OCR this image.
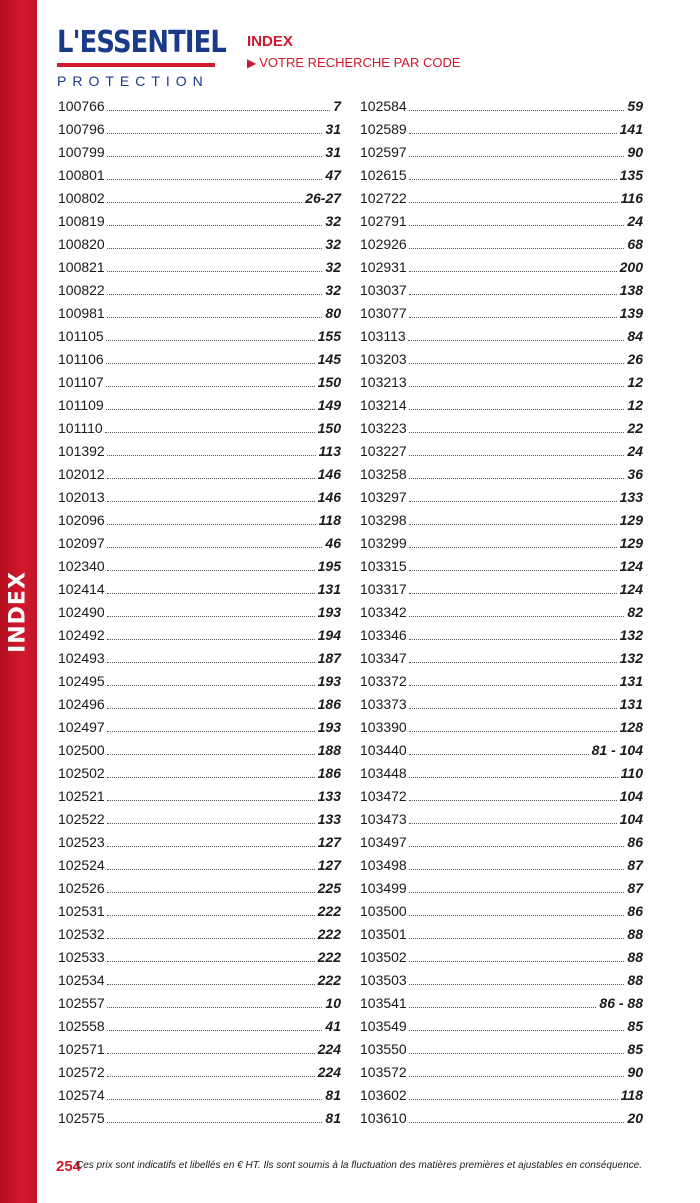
INDEX
L'ESSENTIEL
PROTECTION
INDEX
▶ VOTRE RECHERCHE PAR CODE
100766	7
100796	31
100799	31
100801	47
100802	26-27
100819	32
100820	32
100821	32
100822	32
100981	80
101105	155
101106	145
101107	150
101109	149
101110	150
101392	113
102012	146
102013	146
102096	118
102097	46
102340	195
102414	131
102490	193
102492	194
102493	187
102495	193
102496	186
102497	193
102500	188
102502	186
102521	133
102522	133
102523	127
102524	127
102526	225
102531	222
102532	222
102533	222
102534	222
102557	10
102558	41
102571	224
102572	224
102574	81
102575	81
102584	59
102589	141
102597	90
102615	135
102722	116
102791	24
102926	68
102931	200
103037	138
103077	139
103113	84
103203	26
103213	12
103214	12
103223	22
103227	24
103258	36
103297	133
103298	129
103299	129
103315	124
103317	124
103342	82
103346	132
103347	132
103372	131
103373	131
103390	128
103440	81 - 104
103448	110
103472	104
103473	104
103497	86
103498	87
103499	87
103500	86
103501	88
103502	88
103503	88
103541	86 - 88
103549	85
103550	85
103572	90
103602	118
103610	20
254
Ces prix sont indicatifs et libellés en € HT. Ils sont soumis à la fluctuation des matières premières et ajustables en conséquence.
